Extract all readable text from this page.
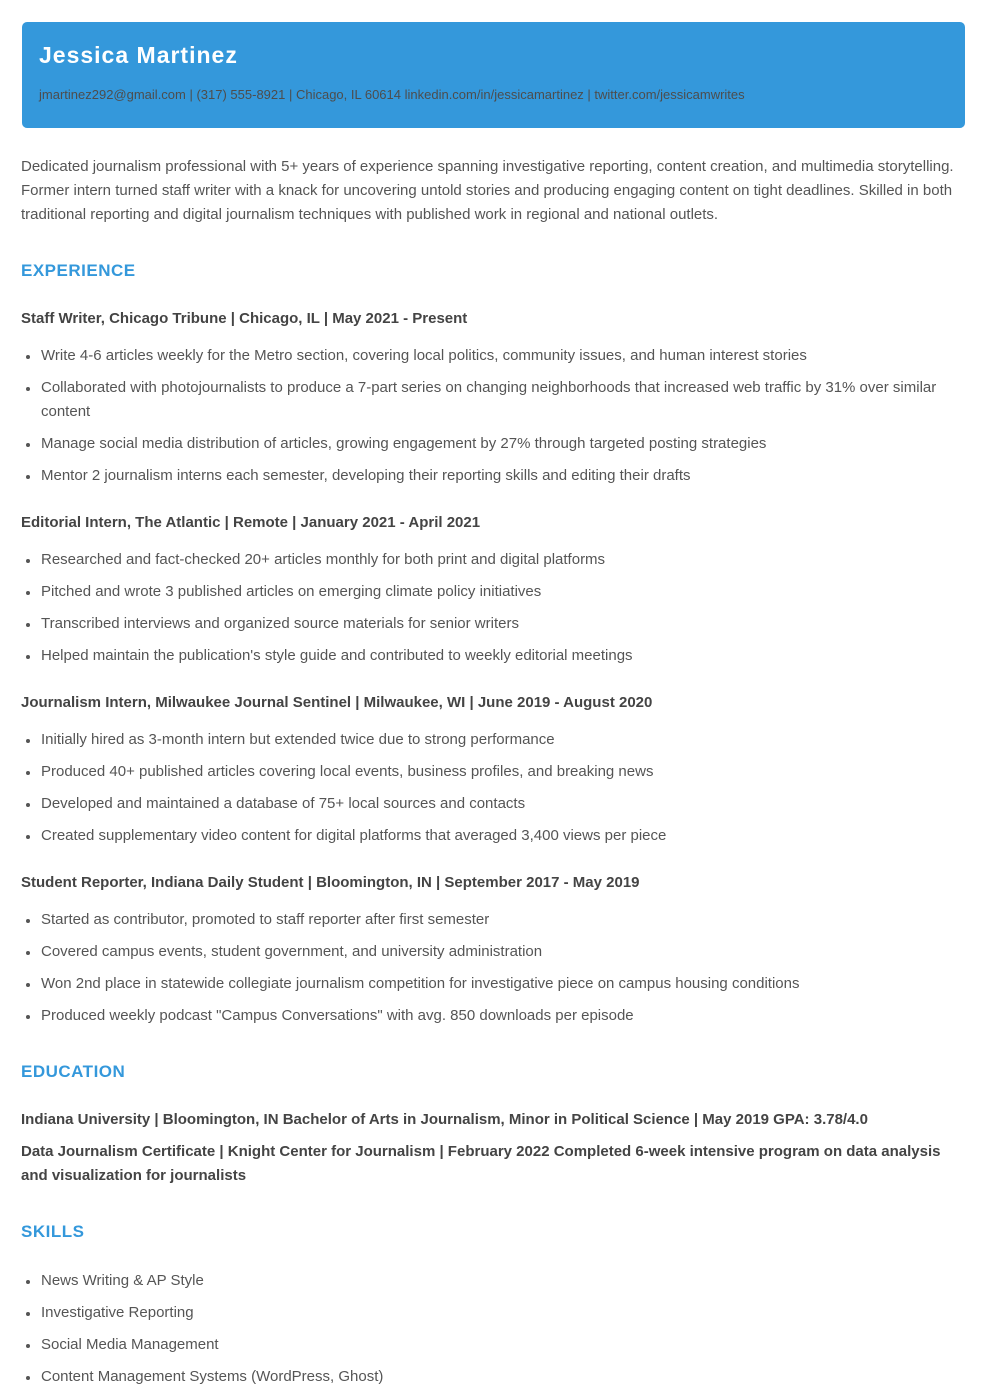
Jessica Martinez

jmartinez292@gmail.com | (317) 555-8921 | Chicago, IL 60614 linkedin.com/in/jessicamartinez | twitter.com/jessicamwrites

Dedicated journalism professional with 5+ years of experience spanning investigative reporting, content creation, and multimedia storytelling. Former intern turned staff writer with a knack for uncovering untold stories and producing engaging content on tight deadlines. Skilled in both traditional reporting and digital journalism techniques with published work in regional and national outlets.

EXPERIENCE
Staff Writer, Chicago Tribune | Chicago, IL | May 2021 - Present
• Write 4-6 articles weekly for the Metro section, covering local politics, community issues, and human interest stories
• Collaborated with photojournalists to produce a 7-part series on changing neighborhoods that increased web traffic by 31% over similar content
• Manage social media distribution of articles, growing engagement by 27% through targeted posting strategies
• Mentor 2 journalism interns each semester, developing their reporting skills and editing their drafts
Editorial Intern, The Atlantic | Remote | January 2021 - April 2021
• Researched and fact-checked 20+ articles monthly for both print and digital platforms
• Pitched and wrote 3 published articles on emerging climate policy initiatives
• Transcribed interviews and organized source materials for senior writers
• Helped maintain the publication's style guide and contributed to weekly editorial meetings
Journalism Intern, Milwaukee Journal Sentinel | Milwaukee, WI | June 2019 - August 2020
• Initially hired as 3-month intern but extended twice due to strong performance
• Produced 40+ published articles covering local events, business profiles, and breaking news
• Developed and maintained a database of 75+ local sources and contacts
• Created supplementary video content for digital platforms that averaged 3,400 views per piece
Student Reporter, Indiana Daily Student | Bloomington, IN | September 2017 - May 2019
• Started as contributor, promoted to staff reporter after first semester
• Covered campus events, student government, and university administration
• Won 2nd place in statewide collegiate journalism competition for investigative piece on campus housing conditions
• Produced weekly podcast "Campus Conversations" with avg. 850 downloads per episode
EDUCATION

Indiana University | Bloomington, IN Bachelor of Arts in Journalism, Minor in Political Science | May 2019 GPA: 3.78/4.0

Data Journalism Certificate | Knight Center for Journalism | February 2022 Completed 6-week intensive program on data analysis and visualization for journalists

SKILLS
• News Writing & AP Style
• Investigative Reporting
• Social Media Management
• Content Management Systems (WordPress, Ghost)
